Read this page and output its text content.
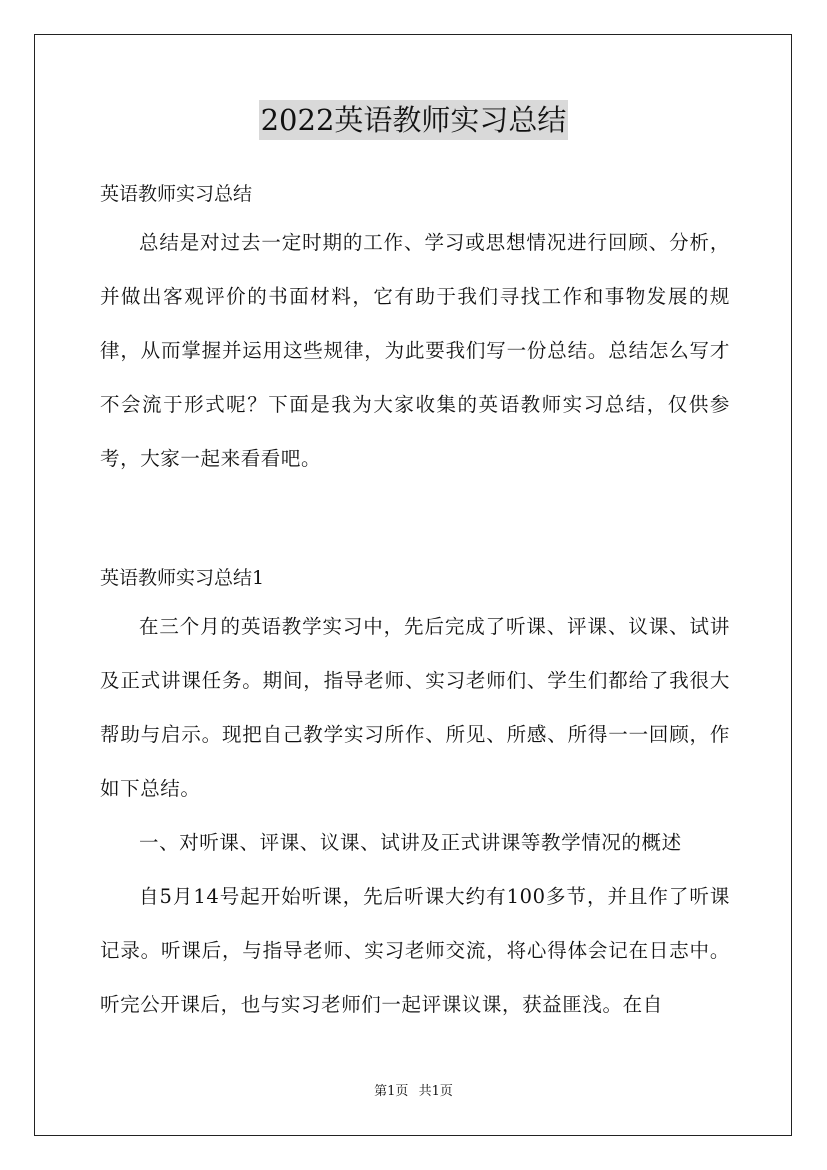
2022英语教师实习总结

英语教师实习总结

总结是对过去一定时期的工作、学习或思想情况进行回顾、分析，并做出客观评价的书面材料，它有助于我们寻找工作和事物发展的规律，从而掌握并运用这些规律，为此要我们写一份总结。总结怎么写才不会流于形式呢？下面是我为大家收集的英语教师实习总结，仅供参考，大家一起来看看吧。

英语教师实习总结1

在三个月的英语教学实习中，先后完成了听课、评课、议课、试讲及正式讲课任务。期间，指导老师、实习老师们、学生们都给了我很大帮助与启示。现把自己教学实习所作、所见、所感、所得一一回顾，作如下总结。

一、对听课、评课、议课、试讲及正式讲课等教学情况的概述

自5月14号起开始听课，先后听课大约有100多节，并且作了听课记录。听课后，与指导老师、实习老师交流，将心得体会记在日志中。听完公开课后，也与实习老师们一起评课议课，获益匪浅。在自

第1页 共1页
